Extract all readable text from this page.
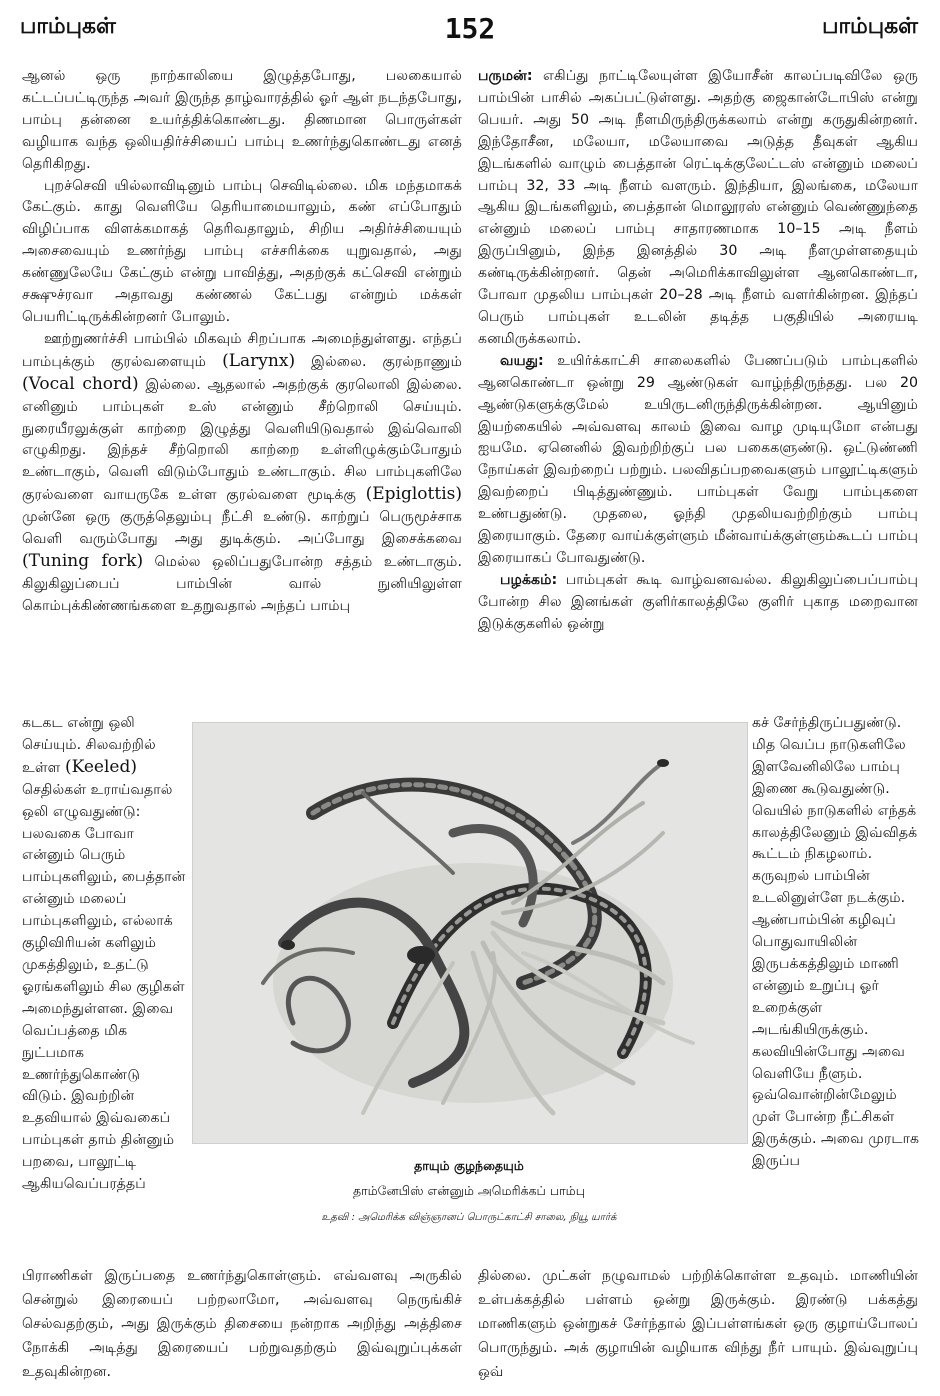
பாம்புகள்	152	பாம்புகள்

ஆனல் ஒரு நாற்காலியை இழுத்தபோது, பலகையால் கட்டப்பட்டிருந்த அவர் இருந்த தாழ்வாரத்தில் ஓர் ஆள் நடந்தபோது, பாம்பு தன்னை உயர்த்திக்கொண்டது. திணமான பொருள்கள் வழியாக வந்த ஒலியதிர்ச்சியைப் பாம்பு உணர்ந்துகொண்டது எனத் தெரிகிறது.

புறச்செவி யில்லாவிடினும் பாம்பு செவிடில்லை. மிக மந்தமாகக் கேட்கும். காது வெளியே தெரியாமையாலும், கண் எப்போதும் விழிப்பாக விளக்கமாகத் தெரிவதாலும், சிறிய அதிர்ச்சியையும் அசைவையும் உணர்ந்து பாம்பு எச்சரிக்கை யுறுவதால், அது கண்ணுலேயே கேட்கும் என்று பாவித்து, அதற்குக் கட்செவி என்றும் சக்ஷுச்ரவா அதாவது கண்ணல் கேட்பது என்றும் மக்கள் பெயரிட்டிருக்கின்றனர் போலும்.

ஊற்றுணர்ச்சி பாம்பில் மிகவும் சிறப்பாக அமைந்துள்ளது. எந்தப் பாம்புக்கும் குரல்வளையும் (Larynx) இல்லை. குரல்நாணும் (Vocal chord) இல்லை. ஆதலால் அதற்குக் குரலொலி இல்லை. எனினும் பாம்புகள் உஸ் என்னும் சீற்றொலி செய்யும். நுரையீரலுக்குள் காற்றை இழுத்து வெளியிடுவதால் இவ்வொலி எழுகிறது. இந்தச் சீற்றொலி காற்றை உள்ளிழுக்கும்போதும் உண்டாகும், வெளி விடும்போதும் உண்டாகும். சில பாம்புகளிலே குரல்வளை வாயருகே உள்ள குரல்வளை மூடிக்கு (Epiglottis) முன்னே ஒரு குருத்தெலும்பு நீட்சி உண்டு. காற்றுப் பெருமூச்சாக வெளி வரும்போது அது துடிக்கும். அப்போது இசைக்கவை (Tuning fork) மெல்ல ஒலிப்பதுபோன்ற சத்தம் உண்டாகும். கிலுகிலுப்பைப் பாம்பின் வால் நுனியிலுள்ள கொம்புக்கிண்ணங்களை உதறுவதால் அந்தப் பாம்பு

கடகட என்று ஒலி செய்யும். சிலவற்றில் உள்ள (Keeled) செதில்கள் உராய்வதால் ஒலி எழுவதுண்டு: பலவகை போவா என்னும் பெரும் பாம்புகளிலும், பைத்தான் என்னும் மலைப் பாம்புகளிலும், எல்லாக் குழிவிரியன் களிலும் முகத்திலும், உதட்டு ஓரங்களிலும் சில குழிகள் அமைந்துள்ளன. இவை வெப்பத்தை மிக நுட்பமாக உணர்ந்துகொண்டு விடும். இவற்றின் உதவியால் இவ்வகைப் பாம்புகள் தாம் தின்னும் பறவை, பாலூட்டி ஆகியவெப்பரத்தப்

பருமன்: எகிப்து நாட்டிலேயுள்ள இயோசீன் காலப்படிவிலே ஒரு பாம்பின் பாசில் அகப்பட்டுள்ளது. அதற்கு ஜைகான்டோபிஸ் என்று பெயர். அது 50 அடி நீளமிருந்திருக்கலாம் என்று கருதுகின்றனர். இந்தோசீன, மலேயா, மலேயாவை அடுத்த தீவுகள் ஆகிய இடங்களில் வாழும் பைத்தான் ரெட்டிக்குலேட்டஸ் என்னும் மலைப் பாம்பு 32, 33 அடி நீளம் வளரும். இந்தியா, இலங்கை, மலேயா ஆகிய இடங்களிலும், பைத்தான் மொலூரஸ் என்னும் வெண்ணுந்தை என்னும் மலைப் பாம்பு சாதாரணமாக 10–15 அடி நீளம் இருப்பினும், இந்த இனத்தில் 30 அடி நீளமுள்ளதையும் கண்டிருக்கின்றனர். தென் அமெரிக்காவிலுள்ள ஆனகொண்டா, போவா முதலிய பாம்புகள் 20–28 அடி நீளம் வளர்கின்றன. இந்தப் பெரும் பாம்புகள் உடலின் தடித்த பகுதியில் அரையடி கனமிருக்கலாம்.

வயது: உயிர்க்காட்சி சாலைகளில் பேணப்படும் பாம்புகளில் ஆனகொண்டா ஒன்று 29 ஆண்டுகள் வாழ்ந்திருந்தது. பல 20 ஆண்டுகளுக்குமேல் உயிருடனிருந்திருக்கின்றன. ஆயினும் இயற்கையில் அவ்வளவு காலம் இவை வாழ முடியுமோ என்பது ஐயமே. ஏனெனில் இவற்றிற்குப் பல பகைகளுண்டு. ஒட்டுண்ணி நோய்கள் இவற்றைப் பற்றும். பலவிதப்பறவைகளும் பாலூட்டிகளும் இவற்றைப் பிடித்துண்ணும். பாம்புகள் வேறு பாம்புகளை உண்பதுண்டு. முதலை, ஓந்தி முதலியவற்றிற்கும் பாம்பு இரையாகும். தேரை வாய்க்குள்ளும் மீன்வாய்க்குள்ளும்கூடப் பாம்பு இரையாகப் போவதுண்டு.

பழக்கம்: பாம்புகள் கூடி வாழ்வனவல்ல. கிலுகிலுப்பைப்பாம்பு போன்ற சில இனங்கள் குளிர்காலத்திலே குளிர் புகாத மறைவான இடுக்குகளில் ஒன்று

கச் சேர்ந்திருப்பதுண்டு. மித வெப்ப நாடுகளிலே இளவேனிலிலே பாம்பு இணை கூடுவதுண்டு. வெயில் நாடுகளில் எந்தக் காலத்திலேனும் இவ்விதக் கூட்டம் நிகழலாம். கருவுறல் பாம்பின் உடலினுள்ளே நடக்கும். ஆண்பாம்பின் கழிவுப் பொதுவாயிலின் இருபக்கத்திலும் மாணி என்னும் உறுப்பு ஓர் உறைக்குள் அடங்கியிருக்கும். கலவியின்போது அவை வெளியே நீளும். ஒவ்வொன்றின்மேலும் முள் போன்ற நீட்சிகள் இருக்கும். அவை முரடாக இருப்ப

தாயும் குழந்தையும்
தாம்னேபிஸ் என்னும் அமெரிக்கப் பாம்பு
உதவி : அமெரிக்க விஞ்ஞானப் பொருட்காட்சி சாலை, நியூ யார்க்

பிராணிகள் இருப்பதை உணர்ந்துகொள்ளும். எவ்வளவு அருகில் சென்றுல் இரையைப் பற்றலாமோ, அவ்வளவு நெருங்கிச் செல்வதற்கும், அது இருக்கும் திசையை நன்றாக அறிந்து அத்திசை நோக்கி அடித்து இரையைப் பற்றுவதற்கும் இவ்வுறுப்புக்கள் உதவுகின்றன.

தில்லை. முட்கள் நழுவாமல் பற்றிக்கொள்ள உதவும். மாணியின் உள்பக்கத்தில் பள்ளம் ஒன்று இருக்கும். இரண்டு பக்கத்து மாணிகளும் ஒன்றுகச் சேர்ந்தால் இப்பள்ளங்கள் ஒரு குழாய்போலப் பொருந்தும். அக் குழாயின் வழியாக விந்து நீர் பாயும். இவ்வுறுப்பு ஒவ்
